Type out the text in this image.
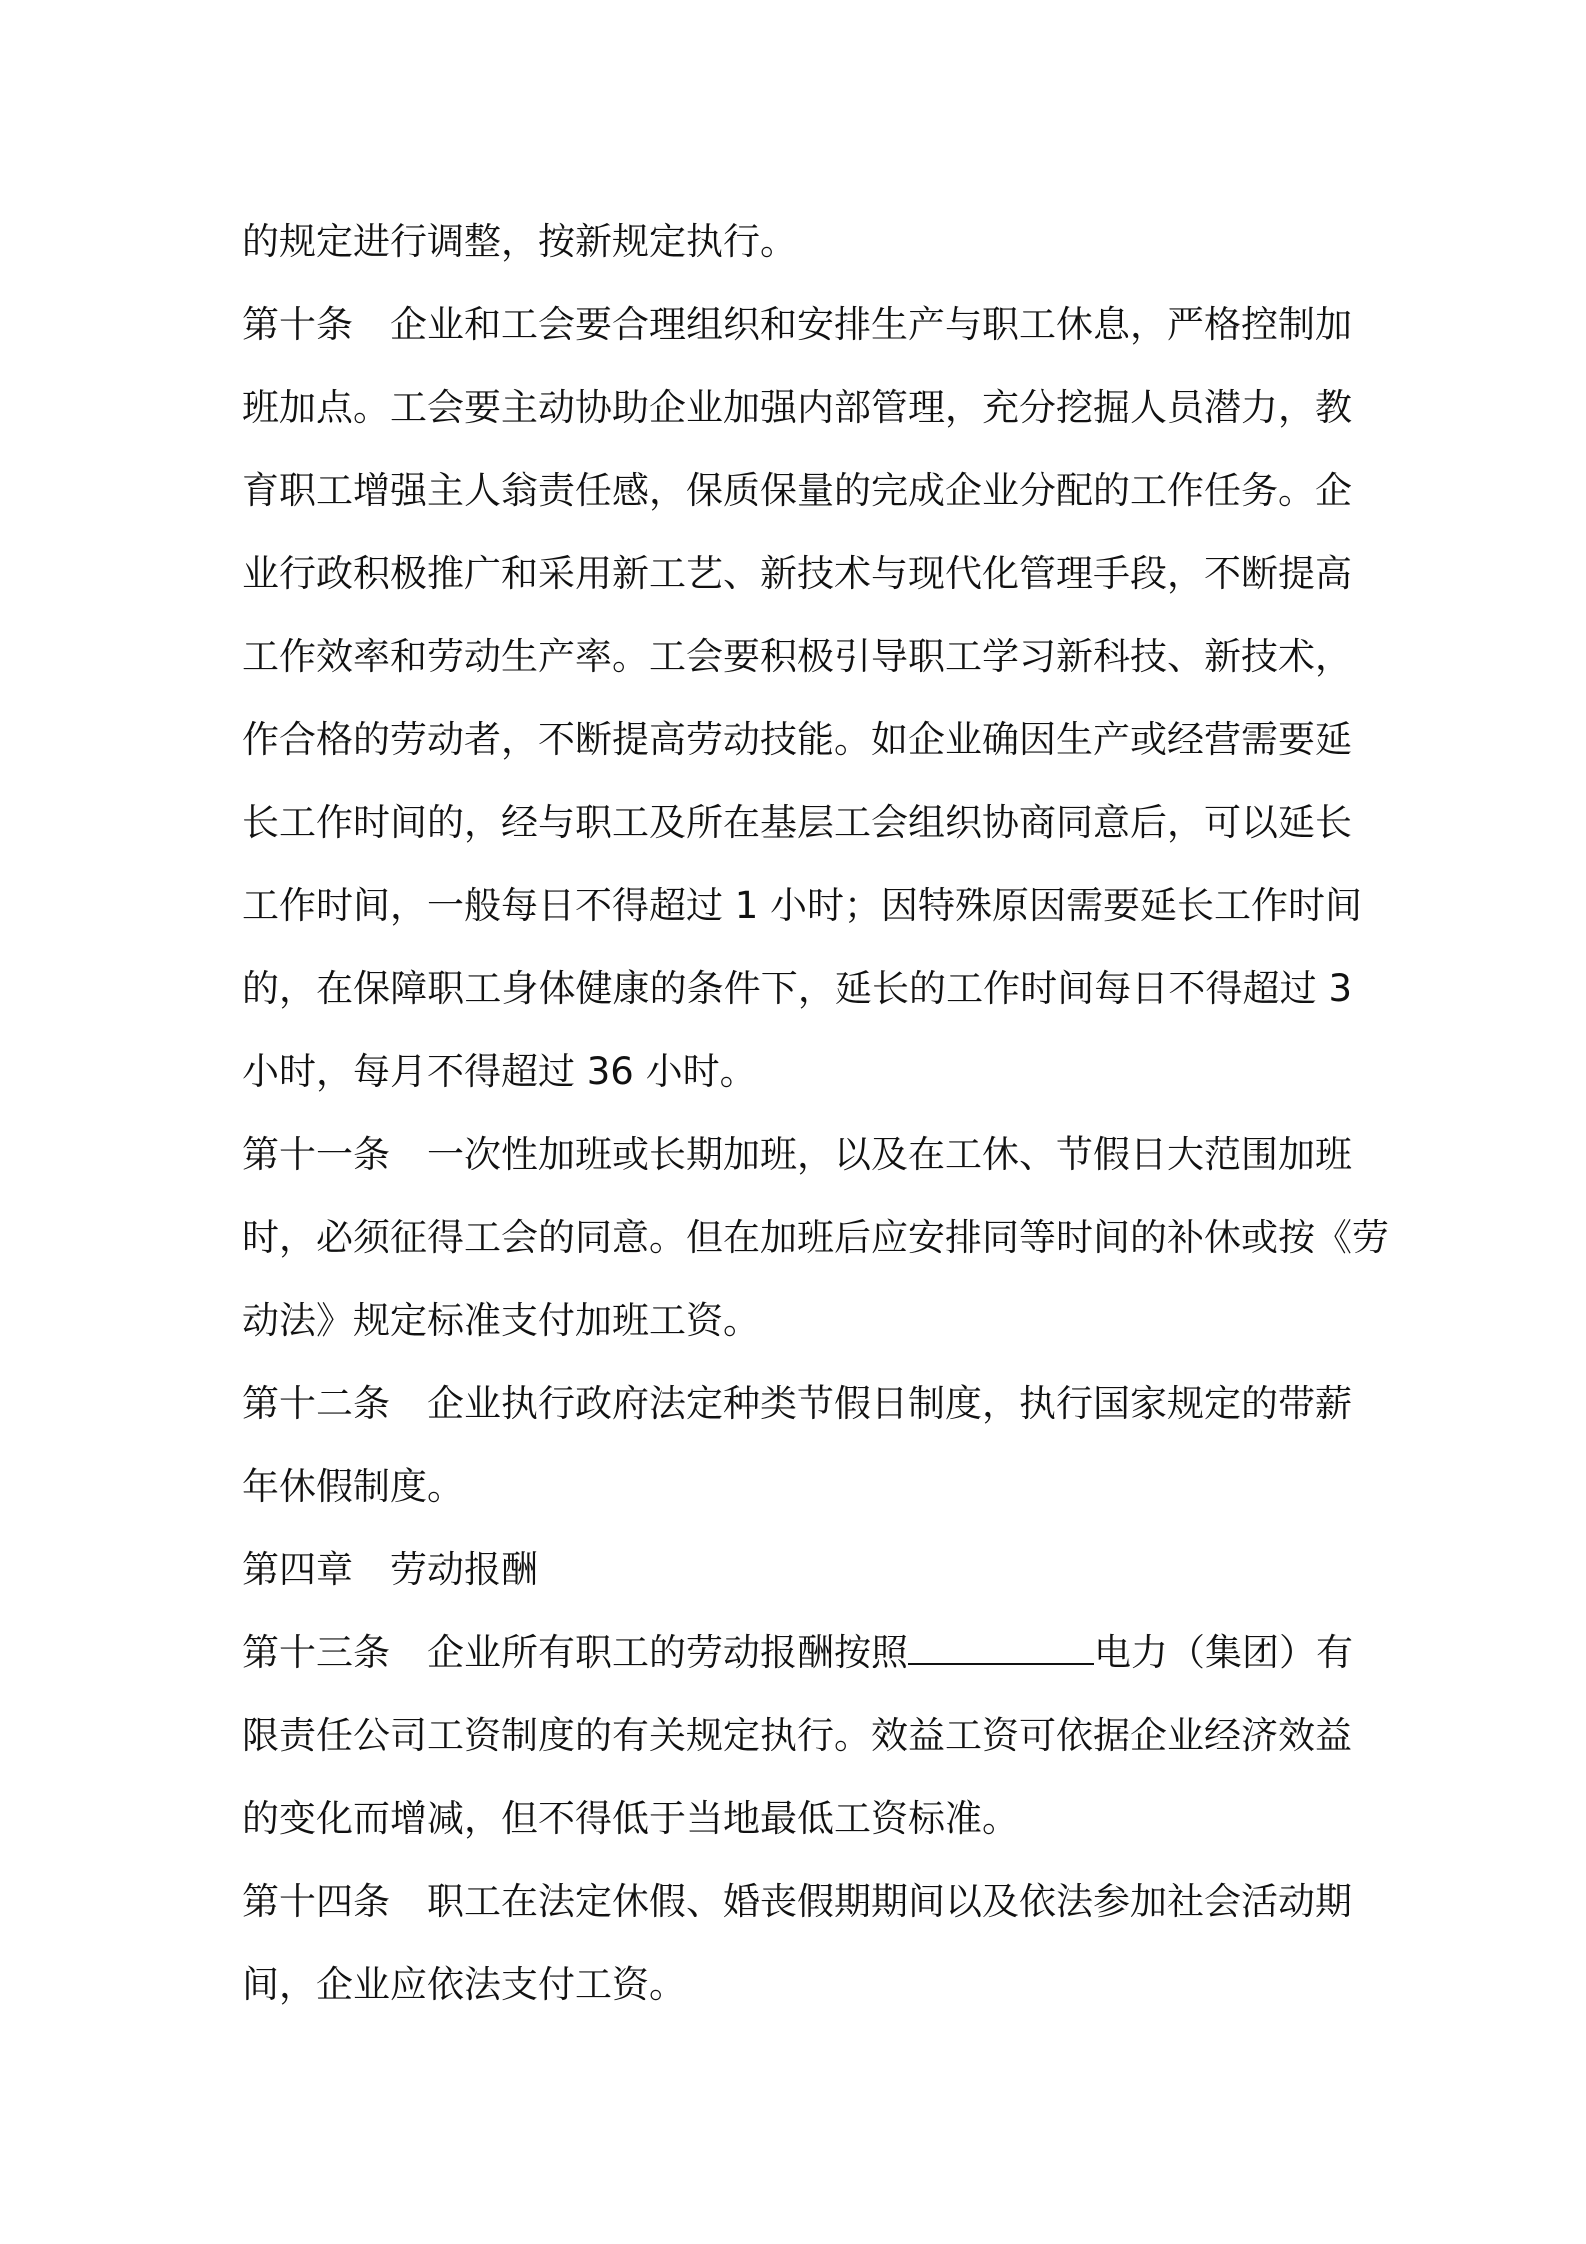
的规定进行调整，按新规定执行。
第十条　企业和工会要合理组织和安排生产与职工休息，严格控制加
班加点。工会要主动协助企业加强内部管理，充分挖掘人员潜力，教
育职工增强主人翁责任感，保质保量的完成企业分配的工作任务。企
业行政积极推广和采用新工艺、新技术与现代化管理手段，不断提高
工作效率和劳动生产率。工会要积极引导职工学习新科技、新技术，
作合格的劳动者，不断提高劳动技能。如企业确因生产或经营需要延
长工作时间的，经与职工及所在基层工会组织协商同意后，可以延长
工作时间，一般每日不得超过 1 小时；因特殊原因需要延长工作时间
的，在保障职工身体健康的条件下，延长的工作时间每日不得超过 3
小时，每月不得超过 36 小时。
第十一条　一次性加班或长期加班，以及在工休、节假日大范围加班
时，必须征得工会的同意。但在加班后应安排同等时间的补休或按《劳
动法》规定标准支付加班工资。
第十二条　企业执行政府法定种类节假日制度，执行国家规定的带薪
年休假制度。
第四章　劳动报酬
第十三条　企业所有职工的劳动报酬按照	电力（集团）有
限责任公司工资制度的有关规定执行。效益工资可依据企业经济效益
的变化而增减，但不得低于当地最低工资标准。
第十四条　职工在法定休假、婚丧假期期间以及依法参加社会活动期
间，企业应依法支付工资。
